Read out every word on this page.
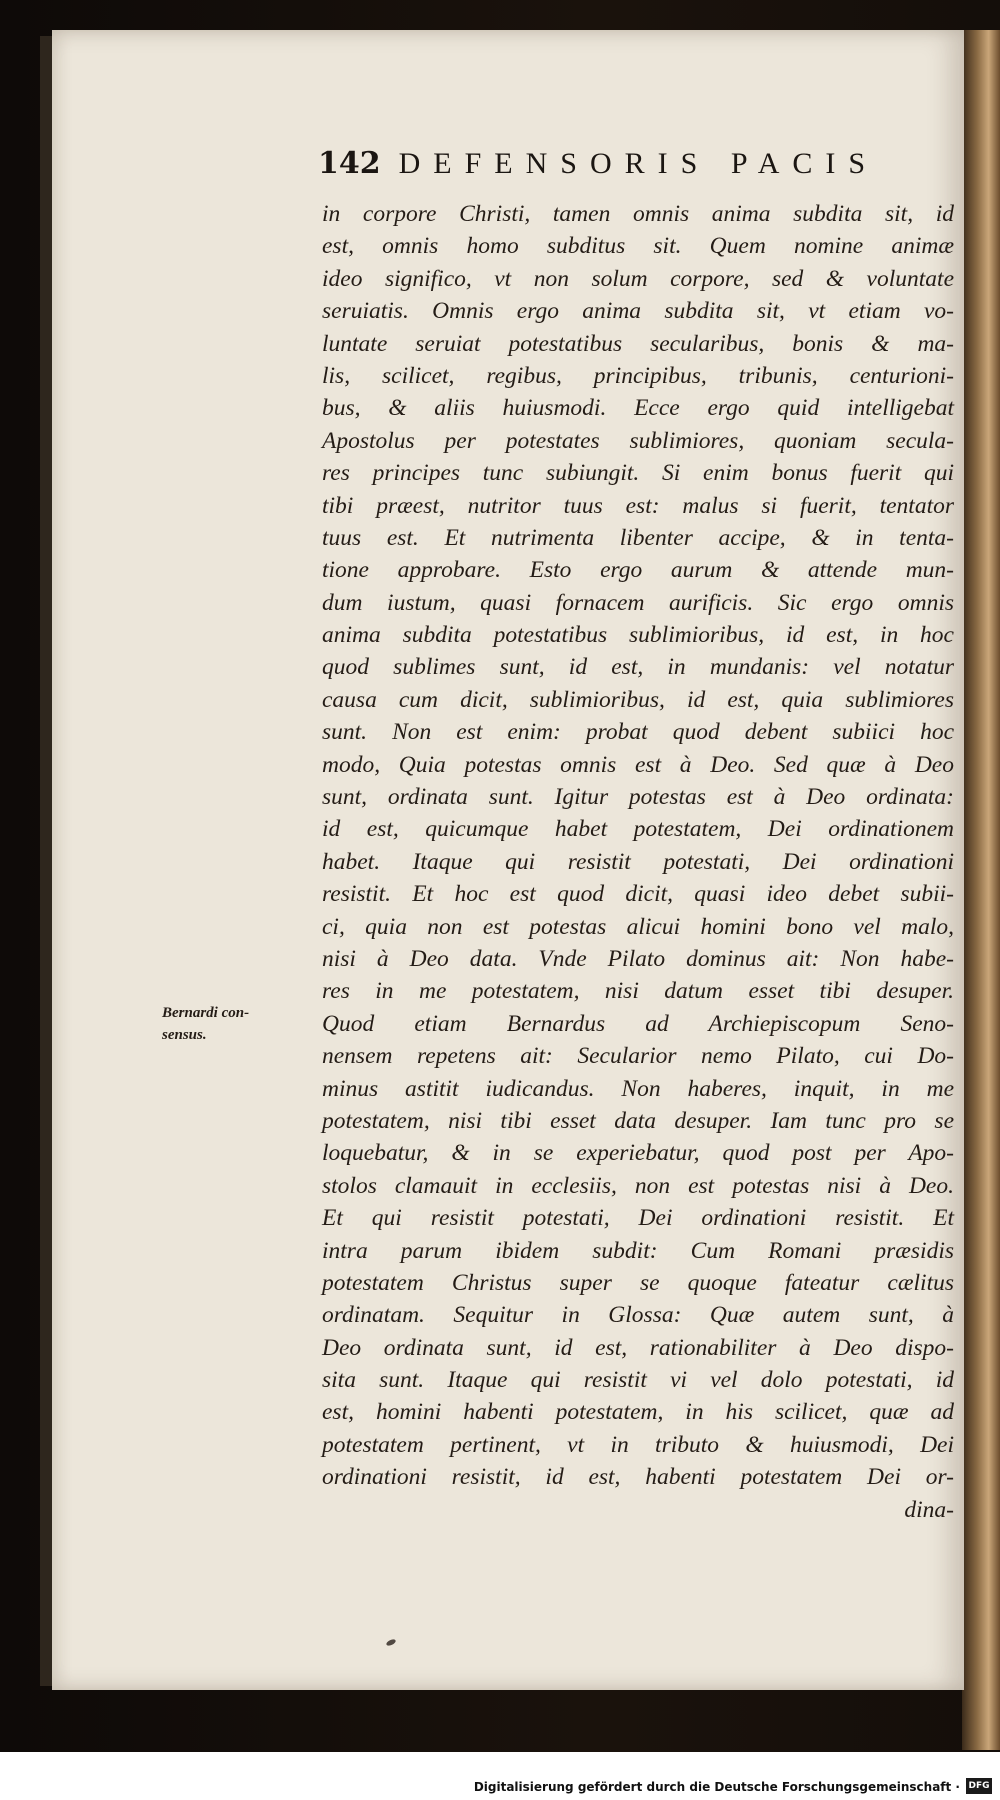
142 DEFENSORIS PACIS
Bernardi con-
sensus.
in corpore Christi, tamen omnis anima subdita sit, id
est, omnis homo subditus sit. Quem nomine animæ
ideo significo, vt non solum corpore, sed & voluntate
seruiatis. Omnis ergo anima subdita sit, vt etiam vo-
luntate seruiat potestatibus secularibus, bonis & ma-
lis, scilicet, regibus, principibus, tribunis, centurioni-
bus, & aliis huiusmodi. Ecce ergo quid intelligebat
Apostolus per potestates sublimiores, quoniam secula-
res principes tunc subiungit. Si enim bonus fuerit qui
tibi præest, nutritor tuus est: malus si fuerit, tentator
tuus est. Et nutrimenta libenter accipe, & in tenta-
tione approbare. Esto ergo aurum & attende mun-
dum iustum, quasi fornacem aurificis. Sic ergo omnis
anima subdita potestatibus sublimioribus, id est, in hoc
quod sublimes sunt, id est, in mundanis: vel notatur
causa cum dicit, sublimioribus, id est, quia sublimiores
sunt. Non est enim: probat quod debent subiici hoc
modo, Quia potestas omnis est à Deo. Sed quæ à Deo
sunt, ordinata sunt. Igitur potestas est à Deo ordinata:
id est, quicumque habet potestatem, Dei ordinationem
habet. Itaque qui resistit potestati, Dei ordinationi
resistit. Et hoc est quod dicit, quasi ideo debet subii-
ci, quia non est potestas alicui homini bono vel malo,
nisi à Deo data. Vnde Pilato dominus ait: Non habe-
res in me potestatem, nisi datum esset tibi desuper.
Quod etiam Bernardus ad Archiepiscopum Seno-
nensem repetens ait: Secularior nemo Pilato, cui Do-
minus astitit iudicandus. Non haberes, inquit, in me
potestatem, nisi tibi esset data desuper. Iam tunc pro se
loquebatur, & in se experiebatur, quod post per Apo-
stolos clamauit in ecclesiis, non est potestas nisi à Deo.
Et qui resistit potestati, Dei ordinationi resistit. Et
intra parum ibidem subdit: Cum Romani præsidis
potestatem Christus super se quoque fateatur cælitus
ordinatam. Sequitur in Glossa: Quæ autem sunt, à
Deo ordinata sunt, id est, rationabiliter à Deo dispo-
sita sunt. Itaque qui resistit vi vel dolo potestati, id
est, homini habenti potestatem, in his scilicet, quæ ad
potestatem pertinent, vt in tributo & huiusmodi, Dei
ordinationi resistit, id est, habenti potestatem Dei or-
dina-
Digitalisierung gefördert durch die Deutsche Forschungsgemeinschaft · DFG
